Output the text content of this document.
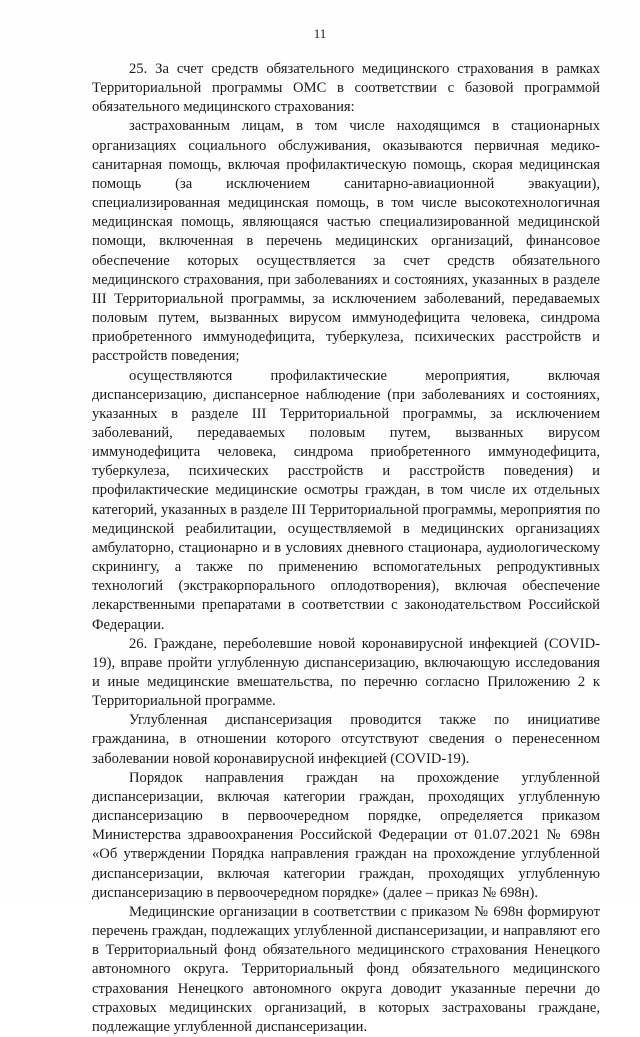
11

25. За счет средств обязательного медицинского страхования в рамках Территориальной программы ОМС в соответствии с базовой программой обязательного медицинского страхования:

застрахованным лицам, в том числе находящимся в стационарных организациях социального обслуживания, оказываются первичная медико-санитарная помощь, включая профилактическую помощь, скорая медицинская помощь (за исключением санитарно-авиационной эвакуации), специализированная медицинская помощь, в том числе высокотехнологичная медицинская помощь, являющаяся частью специализированной медицинской помощи, включенная в перечень медицинских организаций, финансовое обеспечение которых осуществляется за счет средств обязательного медицинского страхования, при заболеваниях и состояниях, указанных в разделе III Территориальной программы, за исключением заболеваний, передаваемых половым путем, вызванных вирусом иммунодефицита человека, синдрома приобретенного иммунодефицита, туберкулеза, психических расстройств и расстройств поведения;

осуществляются профилактические мероприятия, включая диспансеризацию, диспансерное наблюдение (при заболеваниях и состояниях, указанных в разделе III Территориальной программы, за исключением заболеваний, передаваемых половым путем, вызванных вирусом иммунодефицита человека, синдрома приобретенного иммунодефицита, туберкулеза, психических расстройств и расстройств поведения) и профилактические медицинские осмотры граждан, в том числе их отдельных категорий, указанных в разделе III Территориальной программы, мероприятия по медицинской реабилитации, осуществляемой в медицинских организациях амбулаторно, стационарно и в условиях дневного стационара, аудиологическому скринингу, а также по применению вспомогательных репродуктивных технологий (экстракорпорального оплодотворения), включая обеспечение лекарственными препаратами в соответствии с законодательством Российской Федерации.

26. Граждане, переболевшие новой коронавирусной инфекцией (COVID-19), вправе пройти углубленную диспансеризацию, включающую исследования и иные медицинские вмешательства, по перечню согласно Приложению 2 к Территориальной программе.

Углубленная диспансеризация проводится также по инициативе гражданина, в отношении которого отсутствуют сведения о перенесенном заболевании новой коронавирусной инфекцией (COVID-19).

Порядок направления граждан на прохождение углубленной диспансеризации, включая категории граждан, проходящих углубленную диспансеризацию в первоочередном порядке, определяется приказом Министерства здравоохранения Российской Федерации от 01.07.2021 № 698н «Об утверждении Порядка направления граждан на прохождение углубленной диспансеризации, включая категории граждан, проходящих углубленную диспансеризацию в первоочередном порядке» (далее – приказ № 698н).

Медицинские организации в соответствии с приказом № 698н формируют перечень граждан, подлежащих углубленной диспансеризации, и направляют его в Территориальный фонд обязательного медицинского страхования Ненецкого автономного округа. Территориальный фонд обязательного медицинского страхования Ненецкого автономного округа доводит указанные перечни до страховых медицинских организаций, в которых застрахованы граждане, подлежащие углубленной диспансеризации.
